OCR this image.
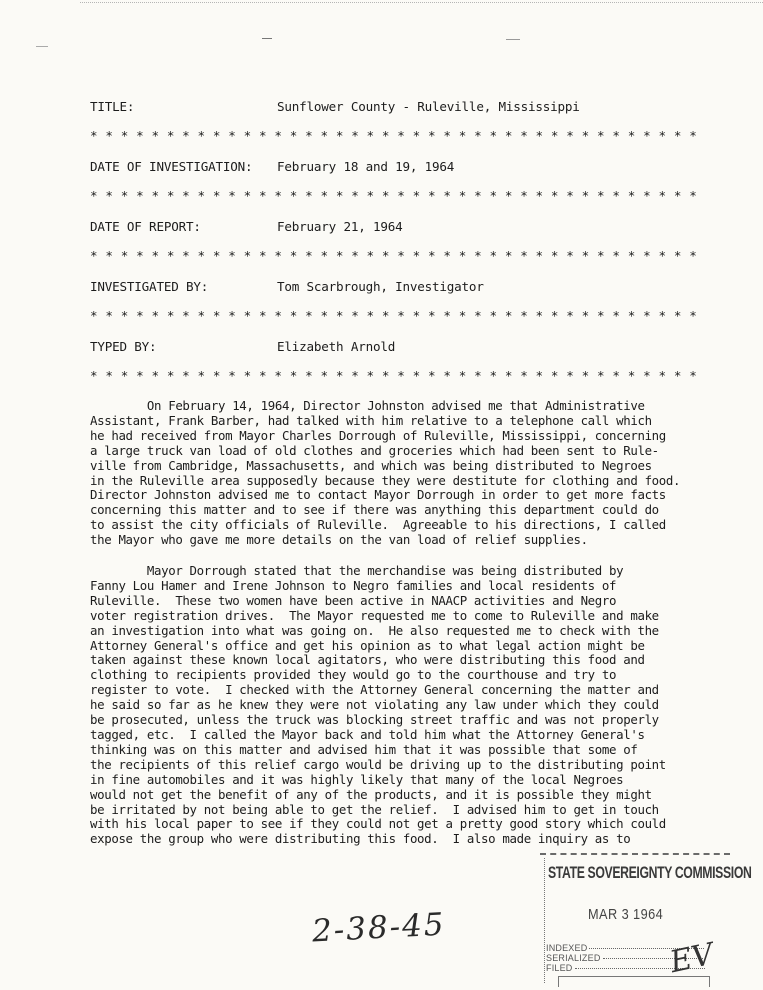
TITLE:	Sunflower County - Ruleville, Mississippi
* * * * * * * * * * * * * * * * * * * * * * * * * * * * * * * * * * * * * * * *
DATE OF INVESTIGATION: February 18 and 19, 1964
* * * * * * * * * * * * * * * * * * * * * * * * * * * * * * * * * * * * * * * *
DATE OF REPORT:	February 21, 1964
* * * * * * * * * * * * * * * * * * * * * * * * * * * * * * * * * * * * * * * *
INVESTIGATED BY:	Tom Scarbrough, Investigator
* * * * * * * * * * * * * * * * * * * * * * * * * * * * * * * * * * * * * * * *
TYPED BY:	Elizabeth Arnold
* * * * * * * * * * * * * * * * * * * * * * * * * * * * * * * * * * * * * * * *
On February 14, 1964, Director Johnston advised me that Administrative
Assistant, Frank Barber, had talked with him relative to a telephone call which
he had received from Mayor Charles Dorrough of Ruleville, Mississippi, concerning
a large truck van load of old clothes and groceries which had been sent to Rule-
ville from Cambridge, Massachusetts, and which was being distributed to Negroes
in the Ruleville area supposedly because they were destitute for clothing and food.
Director Johnston advised me to contact Mayor Dorrough in order to get more facts
concerning this matter and to see if there was anything this department could do
to assist the city officials of Ruleville.  Agreeable to his directions, I called
the Mayor who gave me more details on the van load of relief supplies.
Mayor Dorrough stated that the merchandise was being distributed by
Fanny Lou Hamer and Irene Johnson to Negro families and local residents of
Ruleville.  These two women have been active in NAACP activities and Negro
voter registration drives.  The Mayor requested me to come to Ruleville and make
an investigation into what was going on.  He also requested me to check with the
Attorney General's office and get his opinion as to what legal action might be
taken against these known local agitators, who were distributing this food and
clothing to recipients provided they would go to the courthouse and try to
register to vote.  I checked with the Attorney General concerning the matter and
he said so far as he knew they were not violating any law under which they could
be prosecuted, unless the truck was blocking street traffic and was not properly
tagged, etc.  I called the Mayor back and told him what the Attorney General's
thinking was on this matter and advised him that it was possible that some of
the recipients of this relief cargo would be driving up to the distributing point
in fine automobiles and it was highly likely that many of the local Negroes
would not get the benefit of any of the products, and it is possible they might
be irritated by not being able to get the relief.  I advised him to get in touch
with his local paper to see if they could not get a pretty good story which could
expose the group who were distributing this food.  I also made inquiry as to
2-38-45
STATE SOVEREIGNTY COMMISSION
MAR 3 1964
INDEXED
SERIALIZED
FILED	EV
